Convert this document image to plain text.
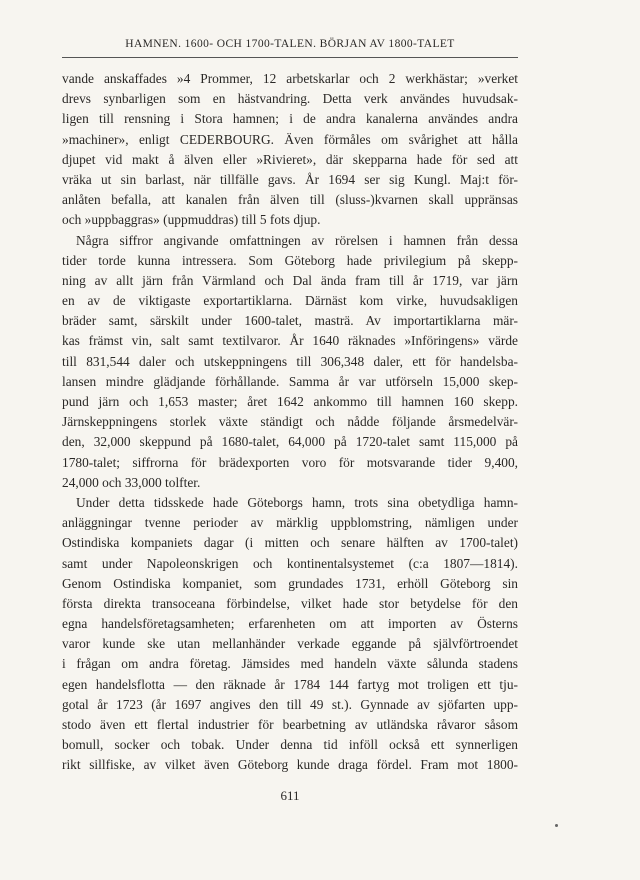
HAMNEN. 1600- OCH 1700-TALEN. BÖRJAN AV 1800-TALET
vande anskaffades »4 Prommer, 12 arbetskarlar och 2 werkhästar; »verket
drevs synbarligen som en hästvandring. Detta verk användes huvudsak-
ligen till rensning i Stora hamnen; i de andra kanalerna användes andra
»machiner», enligt CEDERBOURG. Även förmåles om svårighet att hålla
djupet vid makt å älven eller »Rivieret», där skepparna hade för sed att
vräka ut sin barlast, när tillfälle gavs. År 1694 ser sig Kungl. Maj:t för-
anlåten befalla, att kanalen från älven till (sluss-)kvarnen skall uppränsas
och »uppbaggras» (uppmuddras) till 5 fots djup.
Några siffror angivande omfattningen av rörelsen i hamnen från dessa
tider torde kunna intressera. Som Göteborg hade privilegium på skepp-
ning av allt järn från Värmland och Dal ända fram till år 1719, var järn
en av de viktigaste exportartiklarna. Därnäst kom virke, huvudsakligen
bräder samt, särskilt under 1600-talet, masträ. Av importartiklarna mär-
kas främst vin, salt samt textilvaror. År 1640 räknades »Införingens» värde
till 831,544 daler och utskeppningens till 306,348 daler, ett för handelsba-
lansen mindre glädjande förhållande. Samma år var utförseln 15,000 skep-
pund järn och 1,653 master; året 1642 ankommo till hamnen 160 skepp.
Järnskeppningens storlek växte ständigt och nådde följande årsmedelvär-
den, 32,000 skeppund på 1680-talet, 64,000 på 1720-talet samt 115,000 på
1780-talet; siffrorna för brädexporten voro för motsvarande tider 9,400,
24,000 och 33,000 tolfter.
Under detta tidsskede hade Göteborgs hamn, trots sina obetydliga hamn-
anläggningar tvenne perioder av märklig uppblomstring, nämligen under
Ostindiska kompaniets dagar (i mitten och senare hälften av 1700-talet)
samt under Napoleonskrigen och kontinentalsystemet (c:a 1807—1814).
Genom Ostindiska kompaniet, som grundades 1731, erhöll Göteborg sin
första direkta transoceana förbindelse, vilket hade stor betydelse för den
egna handelsföretagsamheten; erfarenheten om att importen av Österns
varor kunde ske utan mellanhänder verkade eggande på självförtroendet
i frågan om andra företag. Jämsides med handeln växte sålunda stadens
egen handelsflotta — den räknade år 1784 144 fartyg mot troligen ett tju-
gotal år 1723 (år 1697 angives den till 49 st.). Gynnade av sjöfarten upp-
stodo även ett flertal industrier för bearbetning av utländska råvaror såsom
bomull, socker och tobak. Under denna tid inföll också ett synnerligen
rikt sillfiske, av vilket även Göteborg kunde draga fördel. Fram mot 1800-
611
